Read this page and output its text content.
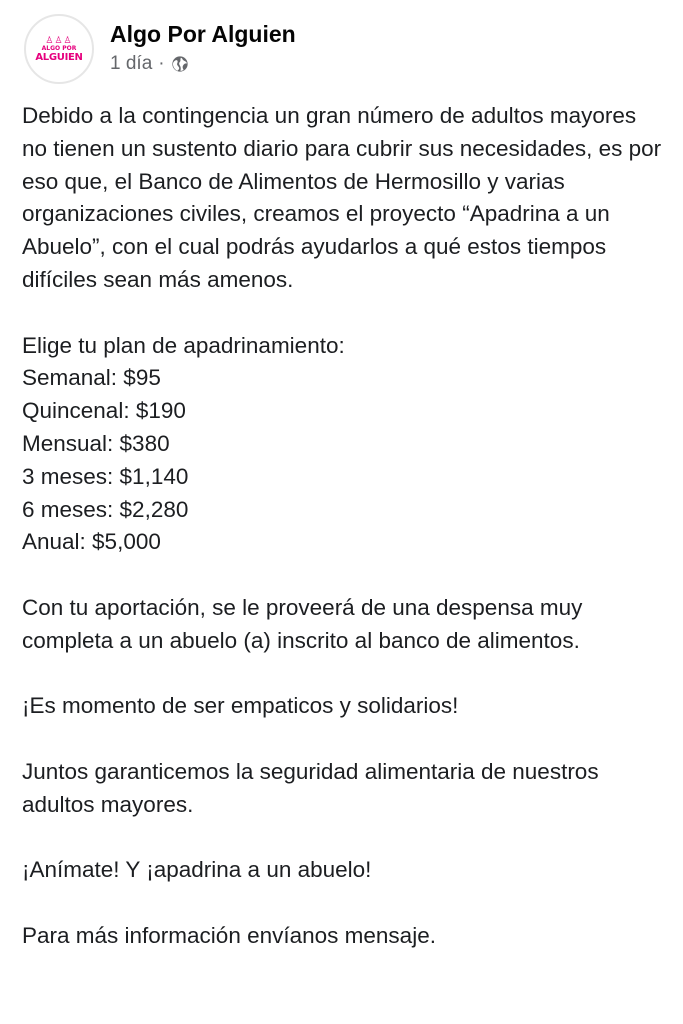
♙♙♙
ALGO POR
ALGUIEN
Algo Por Alguien
1 día ·

Debido a la contingencia un gran número de adultos mayores no tienen un sustento diario para cubrir sus necesidades, es por eso que, el Banco de Alimentos de Hermosillo y varias organizaciones civiles, creamos el proyecto “Apadrina a un Abuelo”, con el cual podrás ayudarlos a qué estos tiempos difíciles sean más amenos.

Elige tu plan de apadrinamiento:
Semanal: $95
Quincenal: $190
Mensual: $380
3 meses: $1,140
6 meses: $2,280
Anual: $5,000

Con tu aportación, se le proveerá de una despensa muy completa a un abuelo (a) inscrito al banco de alimentos.

¡Es momento de ser empaticos y solidarios!

Juntos garanticemos la seguridad alimentaria de nuestros adultos mayores.

¡Anímate! Y ¡apadrina a un abuelo!

Para más información envíanos mensaje.
